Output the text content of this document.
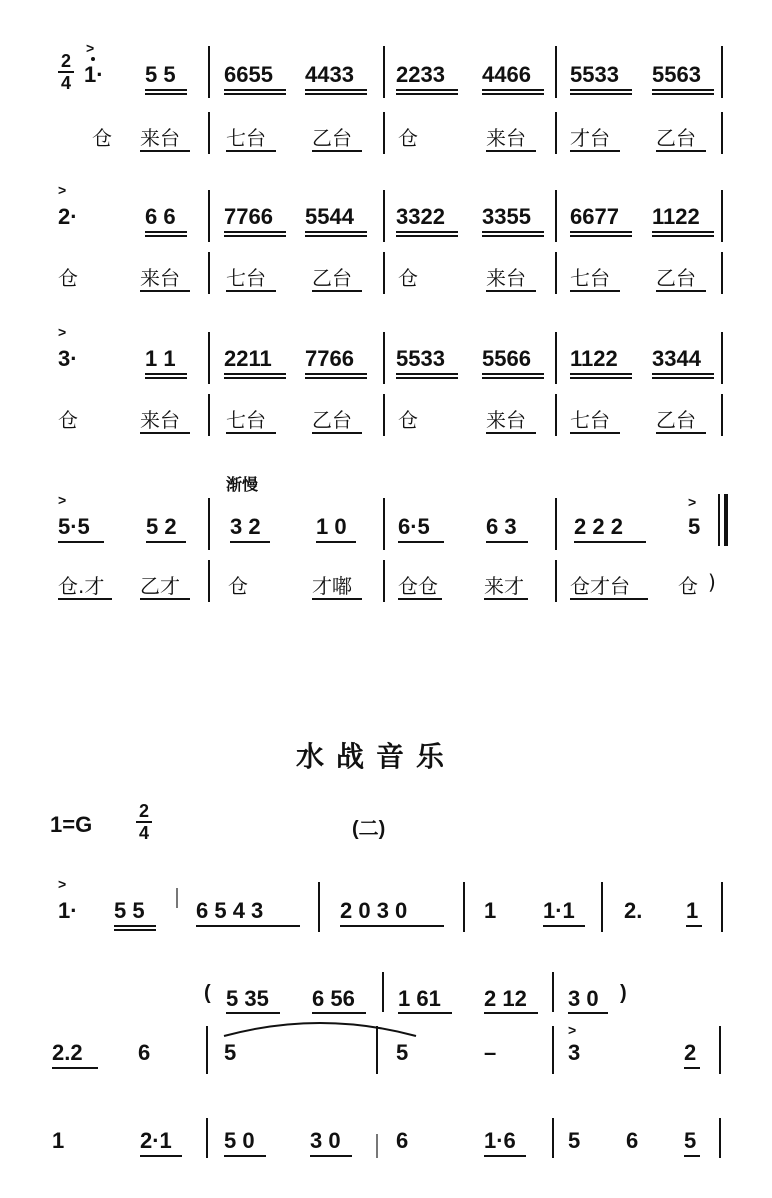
2
4
>
1· 5 5 6655 4433 2233 4466 5533 5563
仓 来台 七台 乙台 仓	来台 才台 乙台
>
2·	6 6 7766 5544 3322 3355 6677 1122
仓	来台 七台 乙台 仓	来台 七台 乙台
>
3·	1 1 2211 7766 5533 5566 1122 3344
仓	来台 七台 乙台 仓	来台 七台 乙台
渐慢
>
5·5	5 2 3 2	1 0 6·5	6 3	2 2 2
>
5
仓.才 乙才 仓	才嘟 仓仓 来才 仓才台 仓 )
水战音乐
1=G
2
4	(二)
>
1· 5 5 6 5 4 3	2 0 3 0	1 1·1 2. 1
( 5 35 6 56 1 61 2 12 3 0 )
2.2	6	5	5	–
>
3	2
1	2·1 5 0	3 0	6	1·6 5 6 5
